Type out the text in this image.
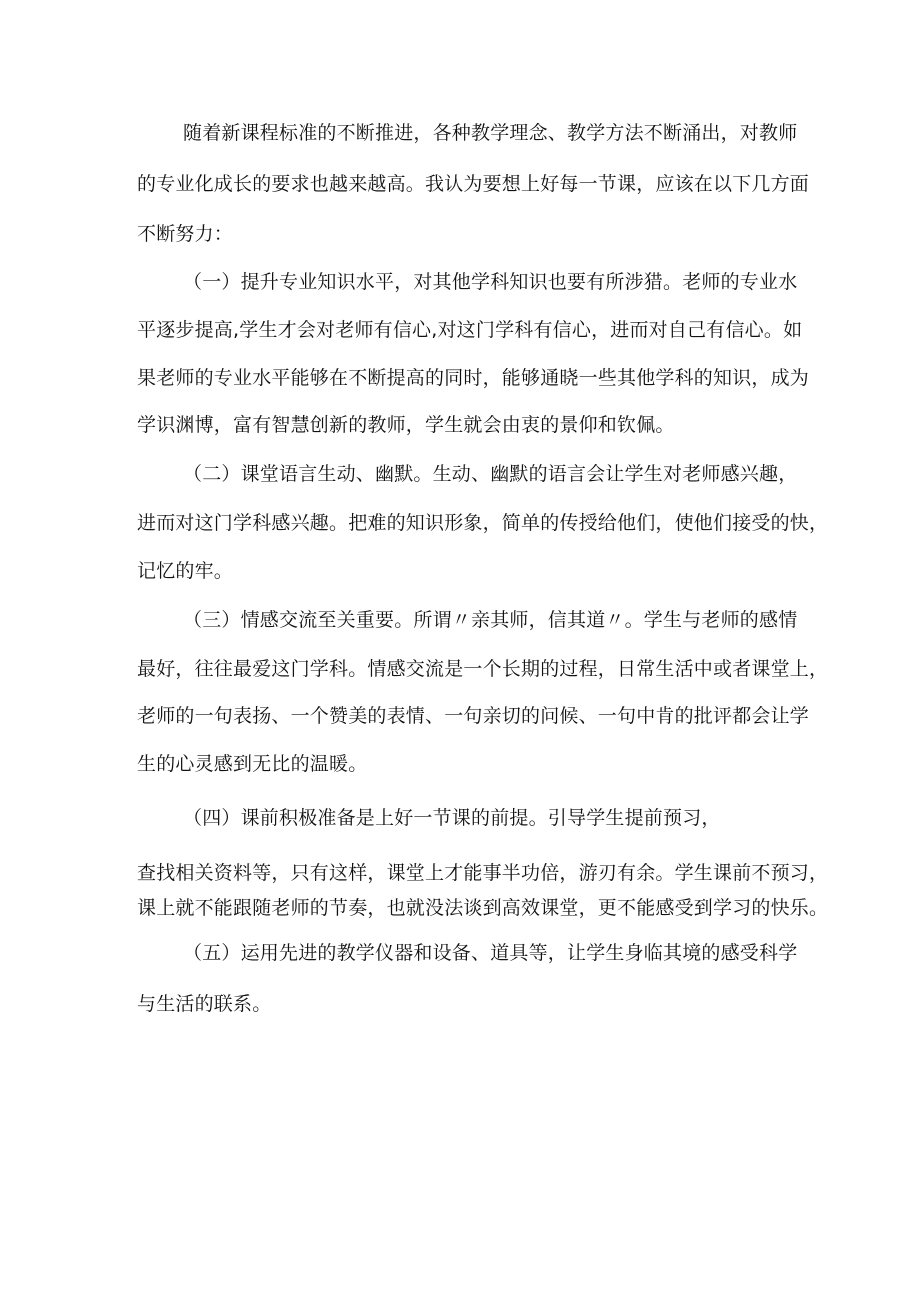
随着新课程标准的不断推进，各种教学理念、教学方法不断涌出，对教师
的专业化成长的要求也越来越高。我认为要想上好每一节课，应该在以下几方面
不断努力：
（一）提升专业知识水平，对其他学科知识也要有所涉猎。老师的专业水
平逐步提高,学生才会对老师有信心,对这门学科有信心，进而对自己有信心。如
果老师的专业水平能够在不断提高的同时，能够通晓一些其他学科的知识，成为
学识渊博，富有智慧创新的教师，学生就会由衷的景仰和钦佩。
（二）课堂语言生动、幽默。生动、幽默的语言会让学生对老师感兴趣，
进而对这门学科感兴趣。把难的知识形象，简单的传授给他们，使他们接受的快，
记忆的牢。
（三）情感交流至关重要。所谓〃亲其师，信其道〃。学生与老师的感情
最好，往往最爱这门学科。情感交流是一个长期的过程，日常生活中或者课堂上，
老师的一句表扬、一个赞美的表情、一句亲切的问候、一句中肯的批评都会让学
生的心灵感到无比的温暖。
（四）课前积极准备是上好一节课的前提。引导学生提前预习，
查找相关资料等，只有这样，课堂上才能事半功倍，游刃有余。学生课前不预习，
课上就不能跟随老师的节奏，也就没法谈到高效课堂，更不能感受到学习的快乐。
（五）运用先进的教学仪器和设备、道具等，让学生身临其境的感受科学
与生活的联系。
